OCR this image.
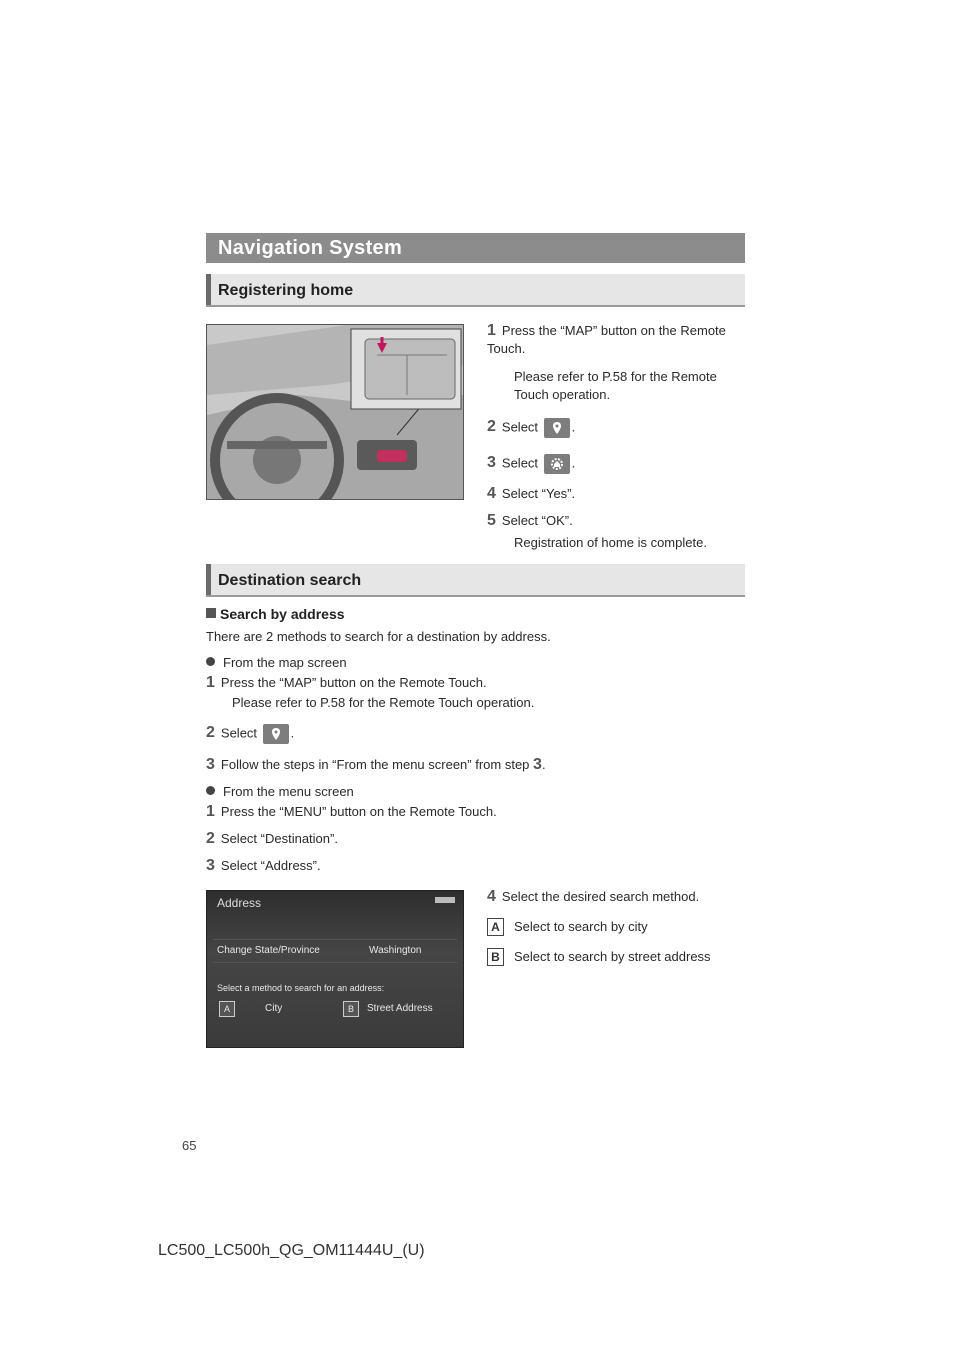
Navigation System
Registering home
1 Press the “MAP” button on the Remote Touch.
Please refer to P.58 for the Remote Touch operation.
2 Select	.
3 Select	.
4 Select “Yes”.
5 Select “OK”.
Registration of home is complete.
Destination search
Search by address
There are 2 methods to search for a destination by address.
From the map screen
1 Press the “MAP” button on the Remote Touch.
Please refer to P.58 for the Remote Touch operation.
2 Select	.
3 Follow the steps in “From the menu screen” from step 3.
From the menu screen
1 Press the “MENU” button on the Remote Touch.
2 Select “Destination”.
3 Select “Address”.
Address
Change State/Province	Washington
Select a method to search for an address:
A	City	B	Street Address
4 Select the desired search method.
A	Select to search by city
B	Select to search by street address
65
LC500_LC500h_QG_OM11444U_(U)
